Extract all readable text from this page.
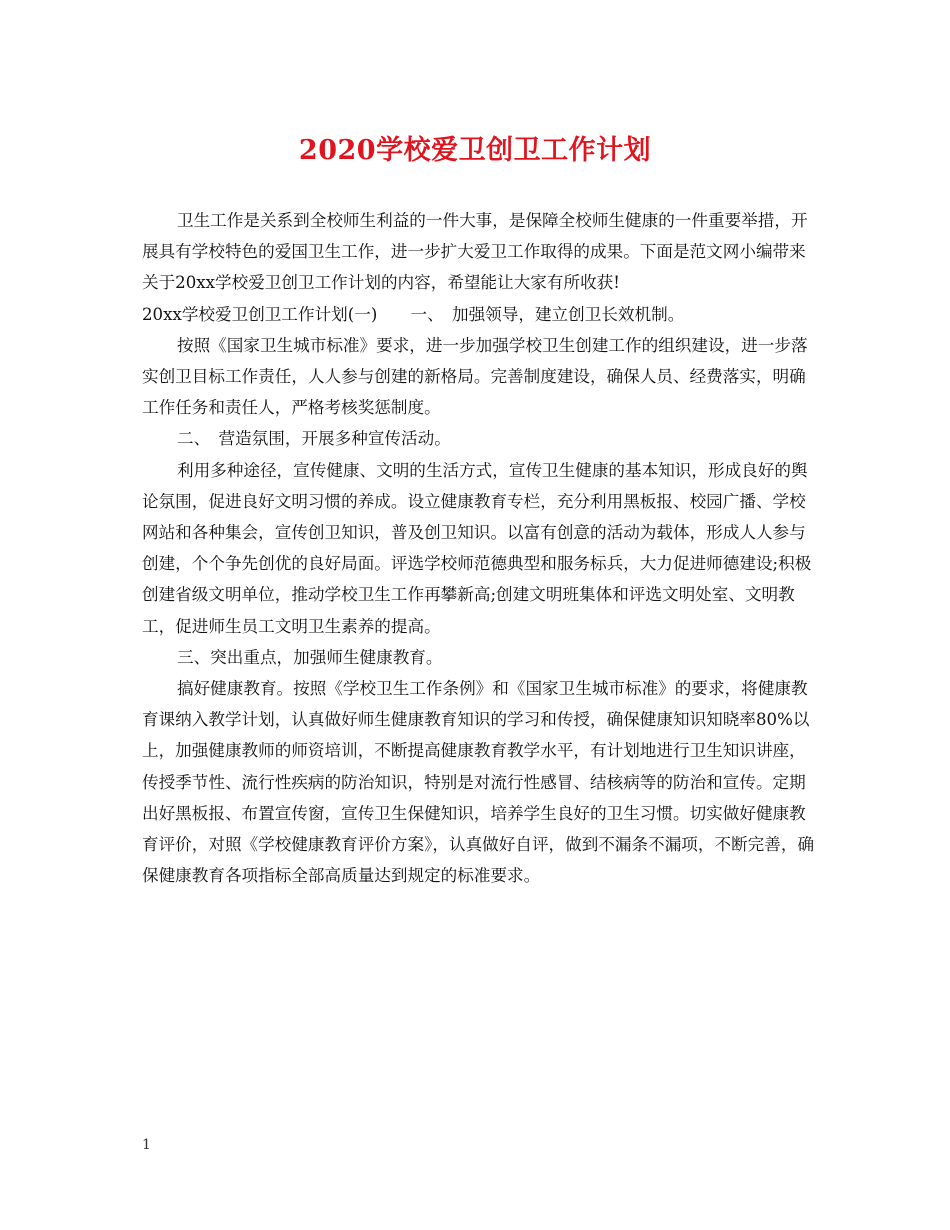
2020学校爱卫创卫工作计划

卫生工作是关系到全校师生利益的一件大事，是保障全校师生健康的一件重要举措，开展具有学校特色的爱国卫生工作，进一步扩大爱卫工作取得的成果。下面是范文网小编带来关于20xx学校爱卫创卫工作计划的内容，希望能让大家有所收获!

20xx学校爱卫创卫工作计划(一)　　一、　加强领导，建立创卫长效机制。

按照《国家卫生城市标准》要求，进一步加强学校卫生创建工作的组织建设，进一步落实创卫目标工作责任，人人参与创建的新格局。完善制度建设，确保人员、经费落实，明确工作任务和责任人，严格考核奖惩制度。

二、　营造氛围，开展多种宣传活动。

利用多种途径，宣传健康、文明的生活方式，宣传卫生健康的基本知识，形成良好的舆论氛围，促进良好文明习惯的养成。设立健康教育专栏，充分利用黑板报、校园广播、学校网站和各种集会，宣传创卫知识，普及创卫知识。以富有创意的活动为载体，形成人人参与创建，个个争先创优的良好局面。评选学校师范德典型和服务标兵，大力促进师德建设;积极创建省级文明单位，推动学校卫生工作再攀新高;创建文明班集体和评选文明处室、文明教工，促进师生员工文明卫生素养的提高。

三、突出重点，加强师生健康教育。

搞好健康教育。按照《学校卫生工作条例》和《国家卫生城市标准》的要求，将健康教育课纳入教学计划，认真做好师生健康教育知识的学习和传授，确保健康知识知晓率80%以上，加强健康教师的师资培训，不断提高健康教育教学水平，有计划地进行卫生知识讲座，传授季节性、流行性疾病的防治知识，特别是对流行性感冒、结核病等的防治和宣传。定期出好黑板报、布置宣传窗，宣传卫生保健知识，培养学生良好的卫生习惯。切实做好健康教育评价，对照《学校健康教育评价方案》，认真做好自评，做到不漏条不漏项，不断完善，确保健康教育各项指标全部高质量达到规定的标准要求。

1
